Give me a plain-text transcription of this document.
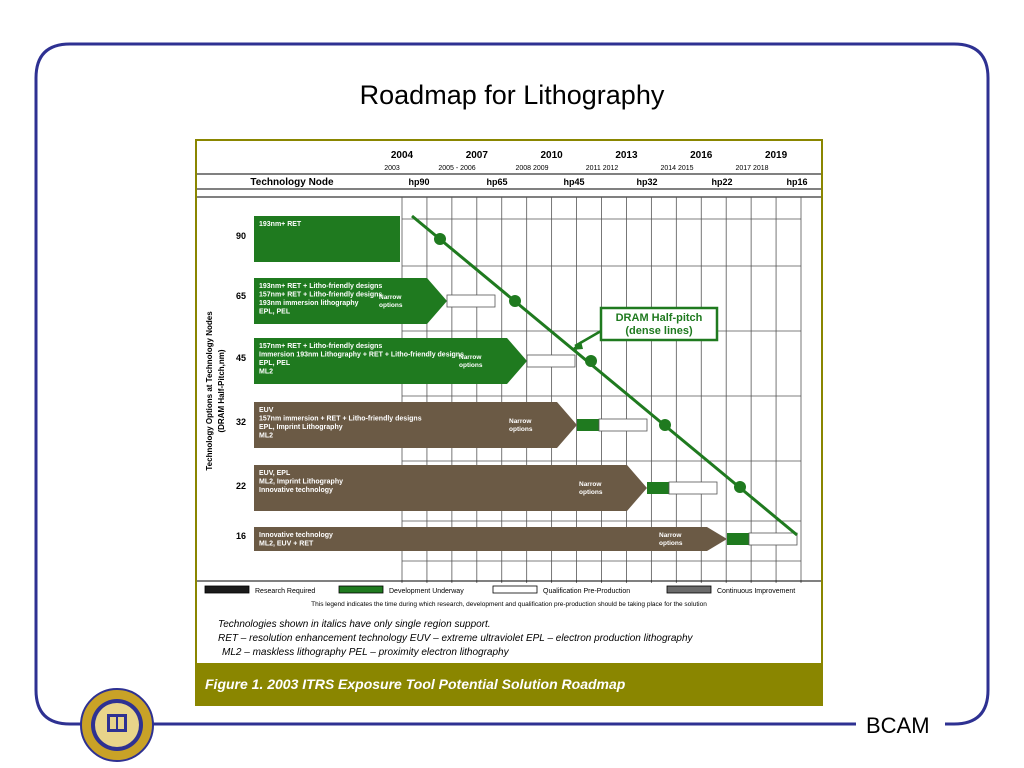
Roadmap for Lithography
2004	2007	2010	2013	2016	2019
2003	2005 - 2006	2008 2009	2011 2012	2014 2015	2017 2018
Technology Node	hp90	hp65	hp45	hp32	hp22	hp16
Technology Options at Technology Nodes (DRAM Half-Pitch,nm)
90
193nm+ RET
65
193nm+ RET + Litho-friendly designs
157nm+ RET + Litho-friendly designs
193nm immersion lithography
EPL, PEL
Narrow
options
45
157nm+ RET + Litho-friendly designs
Immersion 193nm Lithography + RET + Litho-friendly designs
EPL, PEL
ML2
Narrow
options
32
EUV
157nm immersion + RET + Litho-friendly designs
EPL, Imprint Lithography
ML2
Narrow
options
22
EUV, EPL
ML2, Imprint Lithography
Innovative technology
Narrow
options
16 Innovative technology
ML2, EUV + RET
Narrow
options
DRAM Half-pitch
(dense lines)
Research Required	Development Underway	Qualification Pre-Production	Continuous Improvement
This legend indicates the time during which research, development and qualification pre-production should be taking place for the solution
Technologies shown in italics have only single region support.
RET – resolution enhancement technology EUV – extreme ultraviolet EPL – electron production lithography
ML2 – maskless lithography PEL – proximity electron lithography
Figure 1. 2003 ITRS Exposure Tool Potential Solution Roadmap
BCAM
